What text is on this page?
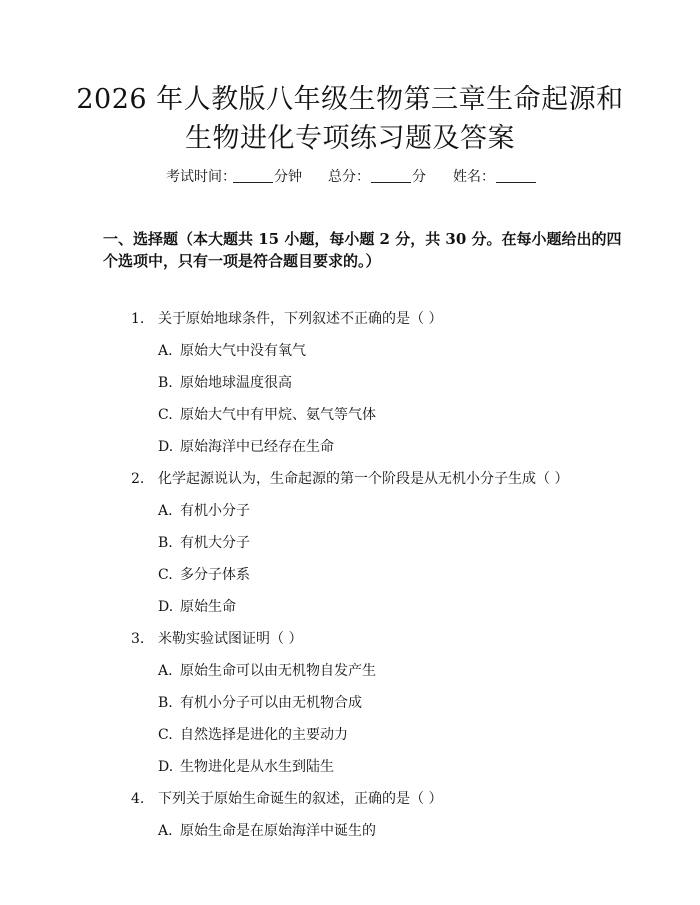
2026 年人教版八年级生物第三章生命起源和
生物进化专项练习题及答案
考试时间：	分钟 总分：	分 姓名：
一、选择题（本大题共 15 小题，每小题 2 分，共 30 分。在每小题给出的四个选项中，只有一项是符合题目要求的。）
1. 关于原始地球条件，下列叙述不正确的是（ ）
A. 原始大气中没有氧气
B. 原始地球温度很高
C. 原始大气中有甲烷、氨气等气体
D. 原始海洋中已经存在生命
2. 化学起源说认为，生命起源的第一个阶段是从无机小分子生成（ ）
A. 有机小分子
B. 有机大分子
C. 多分子体系
D. 原始生命
3. 米勒实验试图证明（ ）
A. 原始生命可以由无机物自发产生
B. 有机小分子可以由无机物合成
C. 自然选择是进化的主要动力
D. 生物进化是从水生到陆生
4. 下列关于原始生命诞生的叙述，正确的是（ ）
A. 原始生命是在原始海洋中诞生的
